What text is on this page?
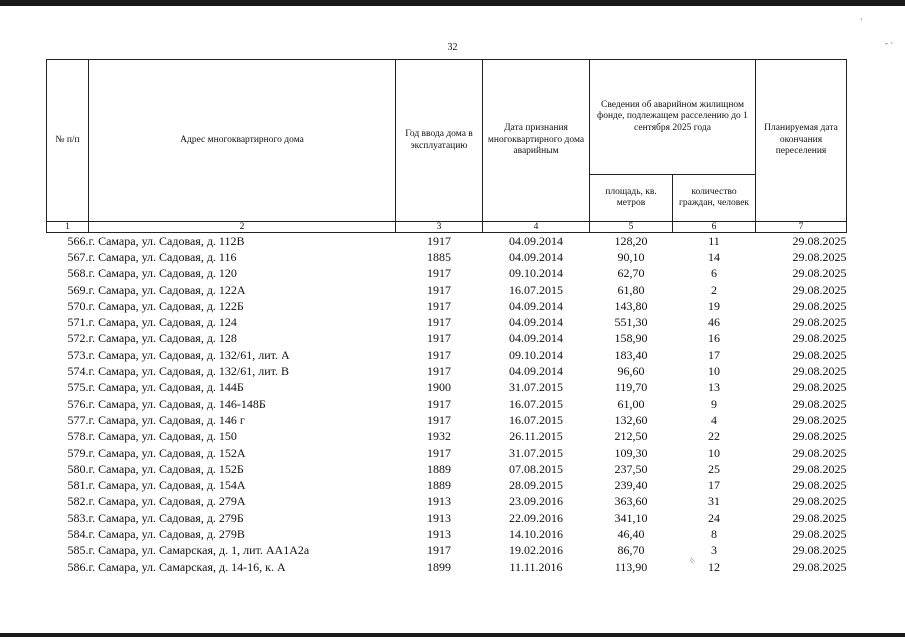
32
№ п/п	Адрес многоквартирного дома	Год ввода дома в эксплуатацию	Дата признания многоквартирного дома аварийным	Сведения об аварийном жилищном фонде, подлежащем расселению до 1 сентября 2025 года		Планируемая дата окончания переселения
				площадь, кв. метров	количество граждан, человек	
1	2	3	4	5	6	7
566.	г. Самара, ул. Садовая, д. 112В	1917	04.09.2014	128,20	11	29.08.2025
567.	г. Самара, ул. Садовая, д. 116	1885	04.09.2014	90,10	14	29.08.2025
568.	г. Самара, ул. Садовая, д. 120	1917	09.10.2014	62,70	6	29.08.2025
569.	г. Самара, ул. Садовая, д. 122А	1917	16.07.2015	61,80	2	29.08.2025
570.	г. Самара, ул. Садовая, д. 122Б	1917	04.09.2014	143,80	19	29.08.2025
571.	г. Самара, ул. Садовая, д. 124	1917	04.09.2014	551,30	46	29.08.2025
572.	г. Самара, ул. Садовая, д. 128	1917	04.09.2014	158,90	16	29.08.2025
573.	г. Самара, ул. Садовая, д. 132/61, лит. А	1917	09.10.2014	183,40	17	29.08.2025
574.	г. Самара, ул. Садовая, д. 132/61, лит. В	1917	04.09.2014	96,60	10	29.08.2025
575.	г. Самара, ул. Садовая, д. 144Б	1900	31.07.2015	119,70	13	29.08.2025
576.	г. Самара, ул. Садовая, д. 146-148Б	1917	16.07.2015	61,00	9	29.08.2025
577.	г. Самара, ул. Садовая, д. 146 г	1917	16.07.2015	132,60	4	29.08.2025
578.	г. Самара, ул. Садовая, д. 150	1932	26.11.2015	212,50	22	29.08.2025
579.	г. Самара, ул. Садовая, д. 152А	1917	31.07.2015	109,30	10	29.08.2025
580.	г. Самара, ул. Садовая, д. 152Б	1889	07.08.2015	237,50	25	29.08.2025
581.	г. Самара, ул. Садовая, д. 154А	1889	28.09.2015	239,40	17	29.08.2025
582.	г. Самара, ул. Садовая, д. 279А	1913	23.09.2016	363,60	31	29.08.2025
583.	г. Самара, ул. Садовая, д. 279Б	1913	22.09.2016	341,10	24	29.08.2025
584.	г. Самара, ул. Садовая, д. 279В	1913	14.10.2016	46,40	8	29.08.2025
585.	г. Самара, ул. Самарская, д. 1, лит. АА1А2а	1917	19.02.2016	86,70	3	29.08.2025
586.	г. Самара, ул. Самарская, д. 14-16, к. А	1899	11.11.2016	113,90	12	29.08.2025
·
‐ ·
//
